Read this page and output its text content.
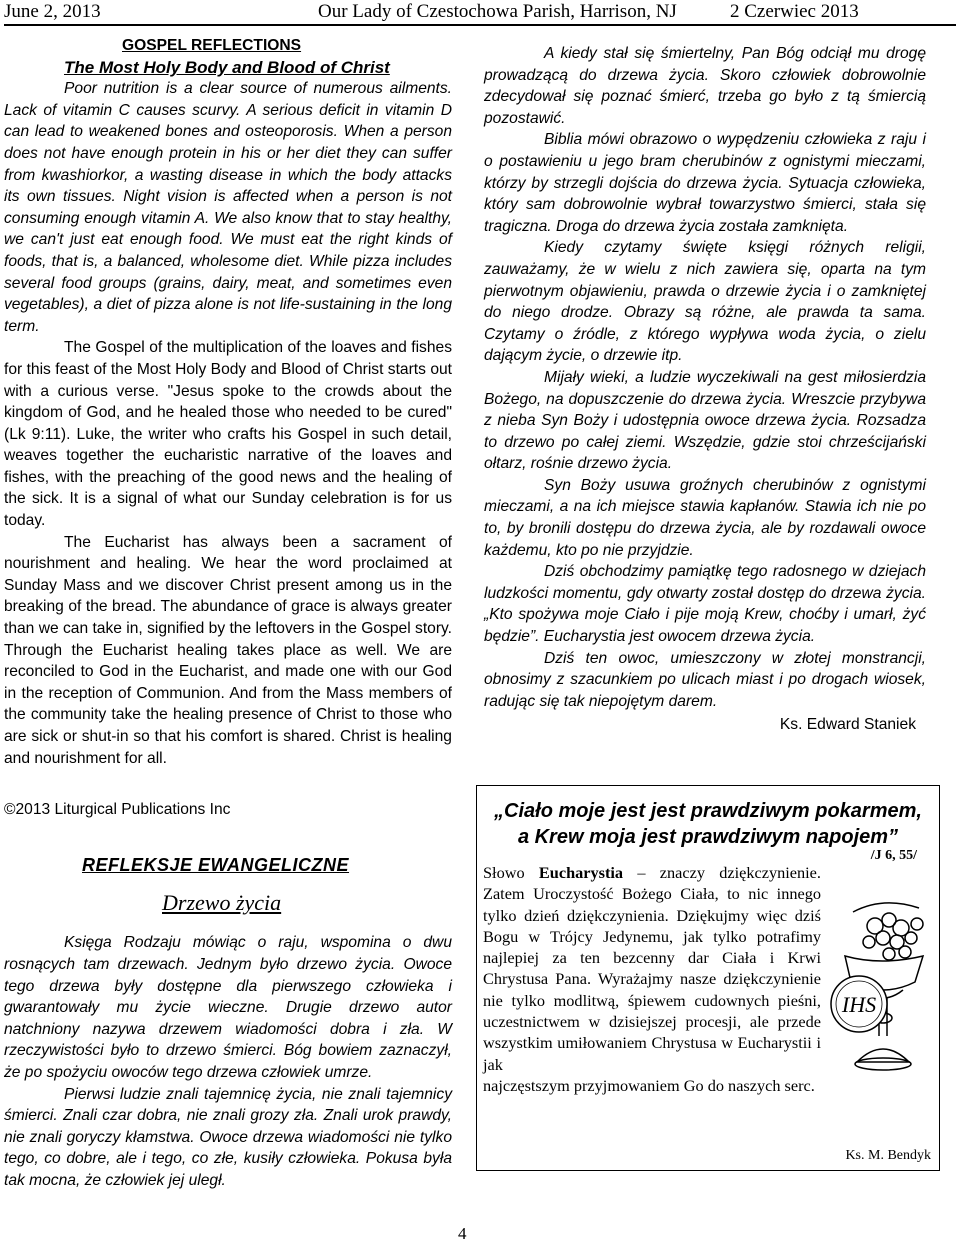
June 2, 2013	Our Lady of Czestochowa Parish, Harrison, NJ	2 Czerwiec 2013

GOSPEL REFLECTIONS

The Most Holy Body and Blood of Christ

Poor nutrition is a clear source of numerous ailments. Lack of vitamin C causes scurvy. A serious deficit in vitamin D can lead to weakened bones and osteoporosis. When a person does not have enough protein in his or her diet they can suffer from kwashiorkor, a wasting disease in which the body attacks its own tissues. Night vision is affected when a person is not consuming enough vitamin A. We also know that to stay healthy, we can't just eat enough food. We must eat the right kinds of foods, that is, a balanced, wholesome diet. While pizza includes several food groups (grains, dairy, meat, and sometimes even vegetables), a diet of pizza alone is not life-sustaining in the long term.

The Gospel of the multiplication of the loaves and fishes for this feast of the Most Holy Body and Blood of Christ starts out with a curious verse. "Jesus spoke to the crowds about the kingdom of God, and he healed those who needed to be cured" (Lk 9:11). Luke, the writer who crafts his Gospel in such detail, weaves together the eucharistic narrative of the loaves and fishes, with the preaching of the good news and the healing of the sick. It is a signal of what our Sunday celebration is for us today.

The Eucharist has always been a sacrament of nourishment and healing. We hear the word proclaimed at Sunday Mass and we discover Christ present among us in the breaking of the bread. The abundance of grace is always greater than we can take in, signified by the leftovers in the Gospel story. Through the Eucharist healing takes place as well. We are reconciled to God in the Eucharist, and made one with our God in the reception of Communion. And from the Mass members of the community take the healing presence of Christ to those who are sick or shut-in so that his comfort is shared. Christ is healing and nourishment for all.

©2013 Liturgical Publications Inc

REFLEKSJE EWANGELICZNE

Drzewo życia

Księga Rodzaju mówiąc o raju, wspomina o dwu rosnących tam drzewach. Jednym było drzewo życia. Owoce tego drzewa były dostępne dla pierwszego człowieka i gwarantowały mu życie wieczne. Drugie drzewo autor natchniony nazywa drzewem wiadomości dobra i zła. W rzeczywistości było to drzewo śmierci. Bóg bowiem zaznaczył, że po spożyciu owoców tego drzewa człowiek umrze.

Pierwsi ludzie znali tajemnicę życia, nie znali tajemnicy śmierci. Znali czar dobra, nie znali grozy zła. Znali urok prawdy, nie znali goryczy kłamstwa. Owoce drzewa wiadomości nie tylko tego, co dobre, ale i tego, co złe, kusiły człowieka. Pokusa była tak mocna, że człowiek jej uległ.

A kiedy stał się śmiertelny, Pan Bóg odciął mu drogę prowadzącą do drzewa życia. Skoro człowiek dobrowolnie zdecydował się poznać śmierć, trzeba go było z tą śmiercią pozostawić.

Biblia mówi obrazowo o wypędzeniu człowieka z raju i o postawieniu u jego bram cherubinów z ognistymi mieczami, którzy by strzegli dojścia do drzewa życia. Sytuacja człowieka, który sam dobrowolnie wybrał towarzystwo śmierci, stała się tragiczna. Droga do drzewa życia została zamknięta.

Kiedy czytamy święte księgi różnych religii, zauważamy, że w wielu z nich zawiera się, oparta na tym pierwotnym objawieniu, prawda o drzewie życia i o zamkniętej do niego drodze. Obrazy są różne, ale prawda ta sama. Czytamy o źródle, z którego wypływa woda życia, o zielu dającym życie, o drzewie itp.

Mijały wieki, a ludzie wyczekiwali na gest miłosierdzia Bożego, na dopuszczenie do drzewa życia. Wreszcie przybywa z nieba Syn Boży i udostępnia owoce drzewa życia. Rozsadza to drzewo po całej ziemi. Wszędzie, gdzie stoi chrześcijański ołtarz, rośnie drzewo życia.

Syn Boży usuwa groźnych cherubinów z ognistymi mieczami, a na ich miejsce stawia kapłanów. Stawia ich nie po to, by bronili dostępu do drzewa życia, ale by rozdawali owoce każdemu, kto po nie przyjdzie.

Dziś obchodzimy pamiątkę tego radosnego w dziejach ludzkości momentu, gdy otwarty został dostęp do drzewa życia. „Kto spożywa moje Ciało i pije moją Krew, choćby i umarł, żyć będzie”. Eucharystia jest owocem drzewa życia.

Dziś ten owoc, umieszczony w złotej monstrancji, obnosimy z szacunkiem po ulicach miast i po drogach wiosek, radując się tak niepojętym darem.

Ks. Edward Staniek

„Ciało moje jest jest prawdziwym pokarmem,
a Krew moja jest prawdziwym napojem”
/J 6, 55/
Słowo Eucharystia – znaczy dziękczynienie. Zatem Uroczystość Bożego Ciała, to nic innego tylko dzień dziękczynienia. Dziękujmy więc dziś Bogu w Trójcy Jedynemu, jak tylko potrafimy najlepiej za ten bezcenny dar Ciała i Krwi Chrystusa Pana. Wyrażajmy nasze dziękczynienie nie tylko modlitwą, śpiewem cudownych pieśni, uczestnictwem w dzisiejszej procesji, ale przede wszystkim umiłowaniem Chrystusa w Eucharystii i jak
najczęstszym przyjmowaniem Go do naszych serc.
IHS
Ks. M. Bendyk
4
